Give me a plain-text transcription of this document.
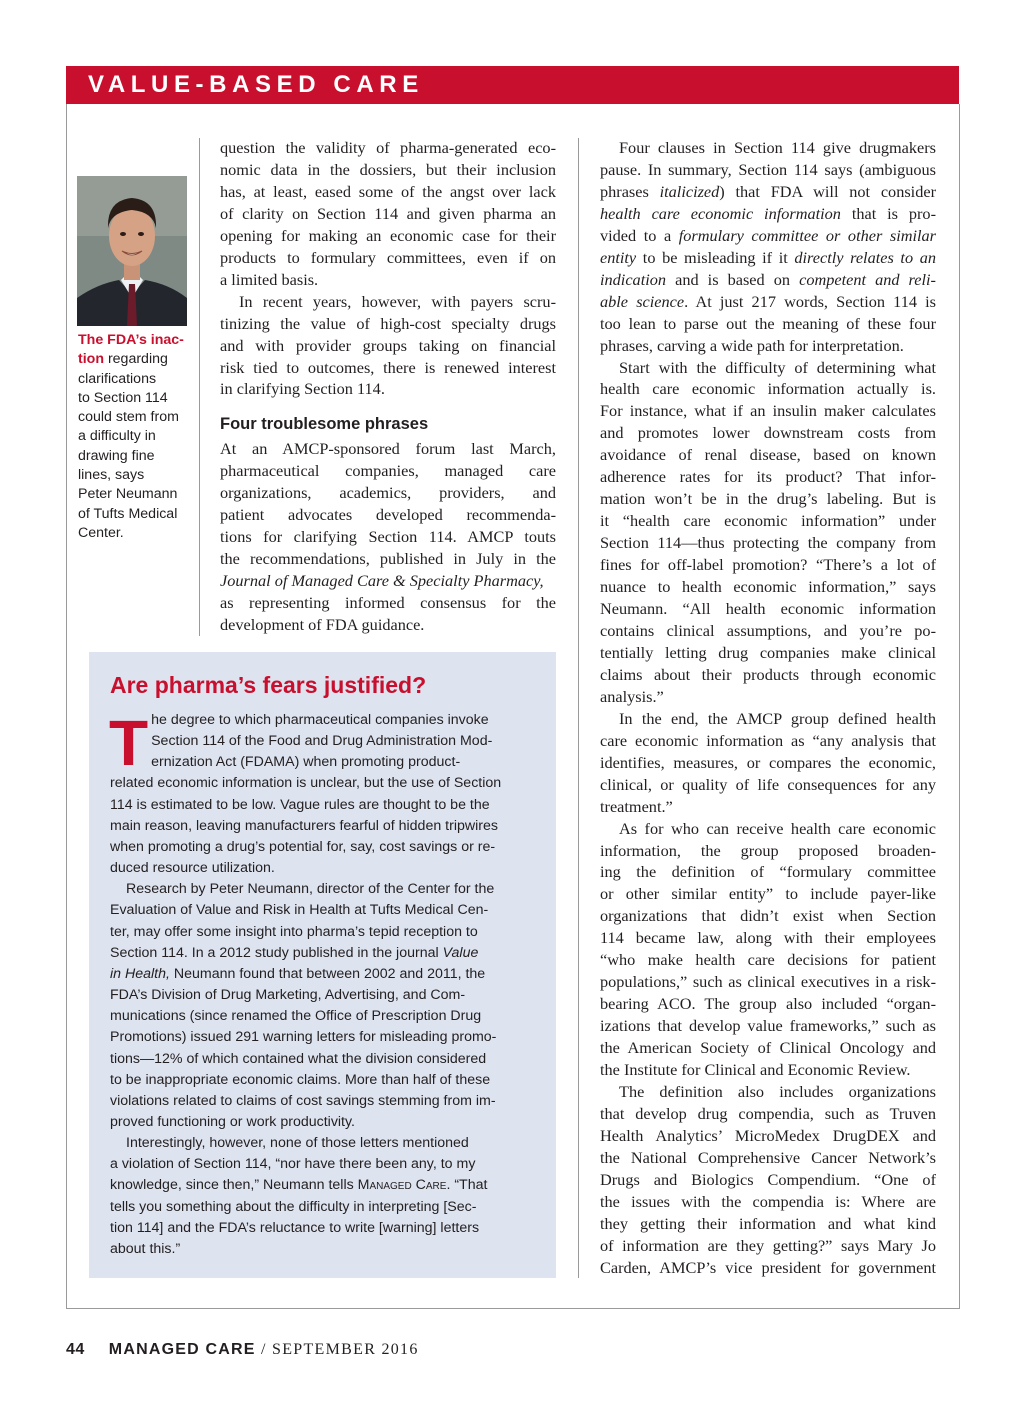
VALUE-BASED CARE
The FDA’s inac-
tion regarding
clarifications
to Section 114
could stem from
a difficulty in
drawing fine
lines, says
Peter Neumann
of Tufts Medical
Center.
question the validity of pharma-generated eco-
nomic data in the dossiers, but their inclusion
has, at least, eased some of the angst over lack
of clarity on Section 114 and given pharma an
opening for making an economic case for their
products to formulary committees, even if on
a limited basis.
In recent years, however, with payers scru-
tinizing the value of high-cost specialty drugs
and with provider groups taking on financial
risk tied to outcomes, there is renewed interest
in clarifying Section 114.

Four troublesome phrases

At an AMCP-sponsored forum last March,
pharmaceutical companies, managed care
organizations, academics, providers, and
patient advocates developed recommenda-
tions for clarifying Section 114. AMCP touts
the recommendations, published in July in the
Journal of Managed Care & Specialty Pharmacy,
as representing informed consensus for the
development of FDA guidance.
Four clauses in Section 114 give drugmakers
pause. In summary, Section 114 says (ambiguous
phrases italicized) that FDA will not consider
health care economic information that is pro-
vided to a formulary committee or other similar
entity to be misleading if it directly relates to an
indication and is based on competent and reli-
able science. At just 217 words, Section 114 is
too lean to parse out the meaning of these four
phrases, carving a wide path for interpretation.
Start with the difficulty of determining what
health care economic information actually is.
For instance, what if an insulin maker calculates
and promotes lower downstream costs from
avoidance of renal disease, based on known
adherence rates for its product? That infor-
mation won’t be in the drug’s labeling. But is
it “health care economic information” under
Section 114—thus protecting the company from
fines for off-label promotion? “There’s a lot of
nuance to health economic information,” says
Neumann. “All health economic information
contains clinical assumptions, and you’re po-
tentially letting drug companies make clinical
claims about their products through economic
analysis.”
In the end, the AMCP group defined health
care economic information as “any analysis that
identifies, measures, or compares the economic,
clinical, or quality of life consequences for any
treatment.”
As for who can receive health care economic
information, the group proposed broaden-
ing the definition of “formulary committee
or other similar entity” to include payer-like
organizations that didn’t exist when Section
114 became law, along with their employees
“who make health care decisions for patient
populations,” such as clinical executives in a risk-
bearing ACO. The group also included “organ-
izations that develop value frameworks,” such as
the American Society of Clinical Oncology and
the Institute for Clinical and Economic Review.
The definition also includes organizations
that develop drug compendia, such as Truven
Health Analytics’ MicroMedex DrugDEX and
the National Comprehensive Cancer Network’s
Drugs and Biologics Compendium. “One of
the issues with the compendia is: Where are
they getting their information and what kind
of information are they getting?” says Mary Jo
Carden, AMCP’s vice president for government
Are pharma’s fears justified?
T he degree to which pharmaceutical companies invoke
Section 114 of the Food and Drug Administration Mod-
ernization Act (FDAMA) when promoting product-
related economic information is unclear, but the use of Section
114 is estimated to be low. Vague rules are thought to be the
main reason, leaving manufacturers fearful of hidden tripwires
when promoting a drug’s potential for, say, cost savings or re-
duced resource utilization.

Research by Peter Neumann, director of the Center for the
Evaluation of Value and Risk in Health at Tufts Medical Cen-
ter, may offer some insight into pharma’s tepid reception to
Section 114. In a 2012 study published in the journal Value
in Health, Neumann found that between 2002 and 2011, the
FDA’s Division of Drug Marketing, Advertising, and Com-
munications (since renamed the Office of Prescription Drug
Promotions) issued 291 warning letters for misleading promo-
tions—12% of which contained what the division considered
to be inappropriate economic claims. More than half of these
violations related to claims of cost savings stemming from im-
proved functioning or work productivity.

Interestingly, however, none of those letters mentioned
a violation of Section 114, “nor have there been any, to my
knowledge, since then,” Neumann tells Managed Care. “That
tells you something about the difficulty in interpreting [Sec-
tion 114] and the FDA’s reluctance to write [warning] letters
about this.”

44 MANAGED CARE / SEPTEMBER 2016
